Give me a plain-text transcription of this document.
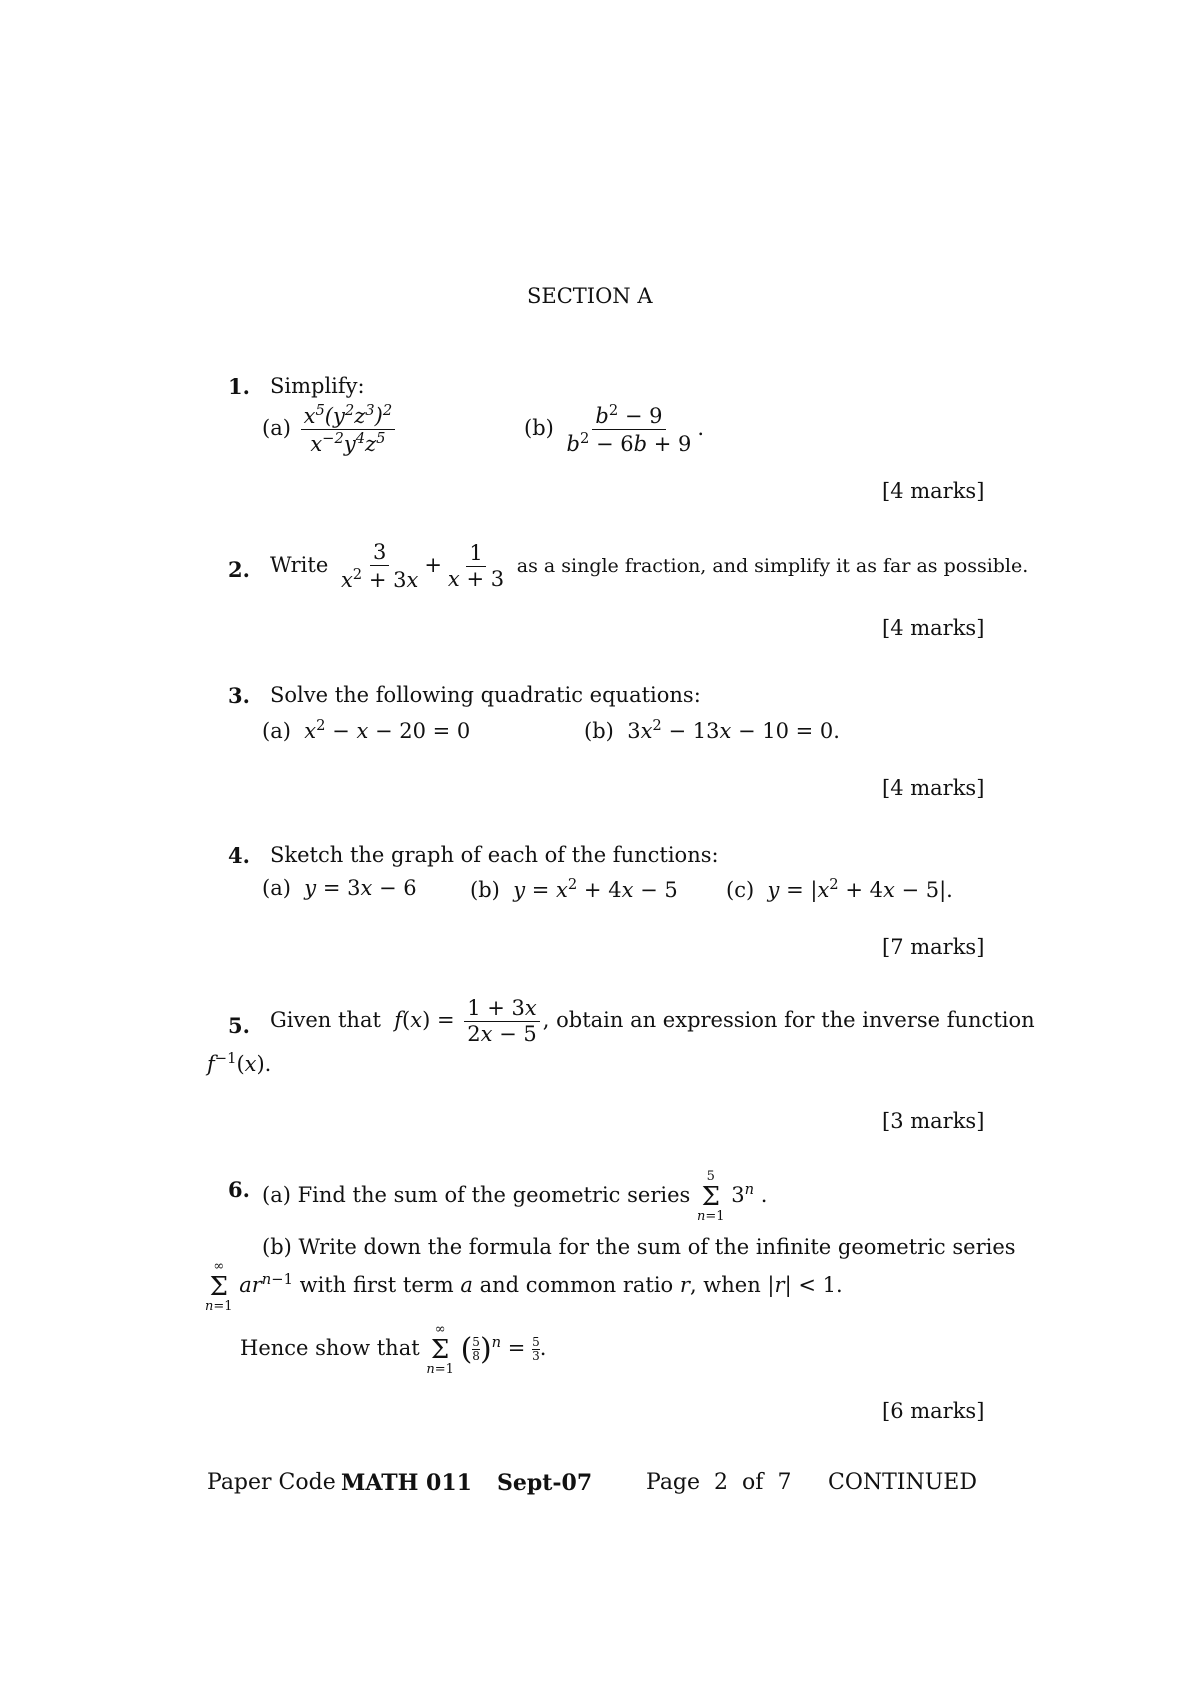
SECTION A
1. Simplify:
$(a) \frac{x^5(y^2z^3)^2}{x^{-2}y^4z^5}$	$(b) \frac{b^2 - 9}{b^2 - 6b + 9}$ .
[4 marks]
2. Write $\frac{3}{x^2 + 3x} + \frac{1}{x + 3}$ as a single fraction, and simplify it as far as possible.
[4 marks]
3. Solve the following quadratic equations:
(a) $x^2 - x - 20 = 0$	(b)  $3x^2 - 13x - 10 = 0$.
[4 marks]
4. Sketch the graph of each of the functions:
(a) y = 3x − 6	(b) $y = x^2 + 4x - 5$ (c) $y = |x^2 + 4x - 5|$.
[7 marks]
5. Given that  $f(x) = \frac{1 + 3x}{2x - 5}$ , obtain an expression for the inverse function
$f^{-1}(x)$.
[3 marks]
6. (a) Find the sum of the geometric series
5
Σ
n=1
3$^n$ .
(b) Write down the formula for the sum of the infinite geometric series
∞
Σ
n=1
$ar^{n-1}$ with first term a and common ratio r, when |r| < 1.
Hence show that
∞
Σ
n=1
( $\frac{5}{8} )^n = \frac{5}{3}$ .
[6 marks]
Paper Code MATH 011 Sept-07 Page 2 of 7 CONTINUED
